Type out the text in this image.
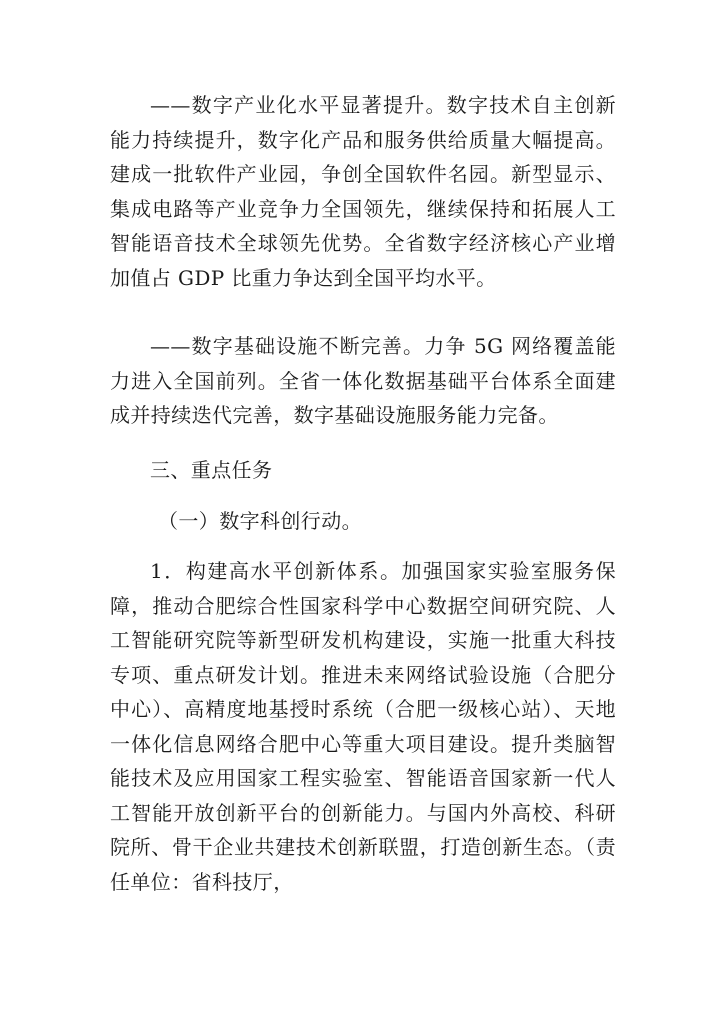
——数字产业化水平显著提升。数字技术自主创新能力持续提升，数字化产品和服务供给质量大幅提高。建成一批软件产业园，争创全国软件名园。新型显示、集成电路等产业竞争力全国领先，继续保持和拓展人工智能语音技术全球领先优势。全省数字经济核心产业增加值占 GDP 比重力争达到全国平均水平。

——数字基础设施不断完善。力争 5G 网络覆盖能力进入全国前列。全省一体化数据基础平台体系全面建成并持续迭代完善，数字基础设施服务能力完备。

三、重点任务

（一）数字科创行动。

1．构建高水平创新体系。加强国家实验室服务保障，推动合肥综合性国家科学中心数据空间研究院、人工智能研究院等新型研发机构建设，实施一批重大科技专项、重点研发计划。推进未来网络试验设施（合肥分中心）、高精度地基授时系统（合肥一级核心站）、天地一体化信息网络合肥中心等重大项目建设。提升类脑智能技术及应用国家工程实验室、智能语音国家新一代人工智能开放创新平台的创新能力。与国内外高校、科研院所、骨干企业共建技术创新联盟，打造创新生态。（责任单位：省科技厅，
